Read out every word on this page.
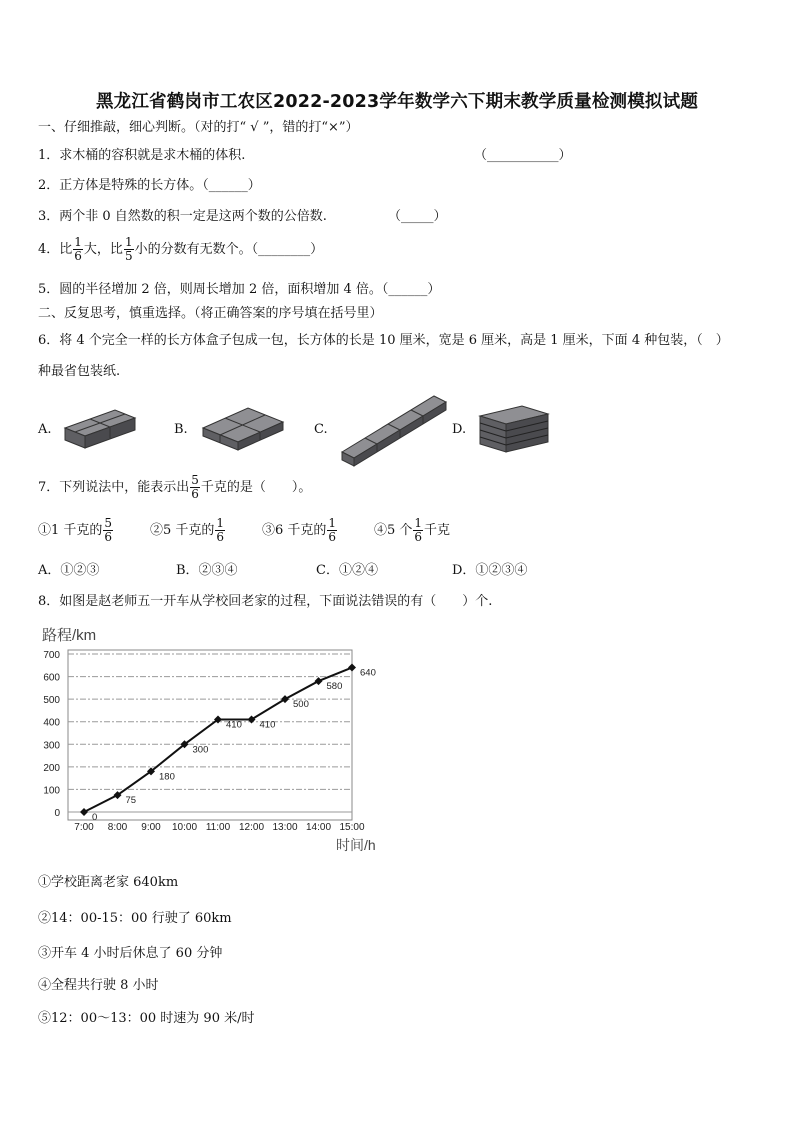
黑龙江省鹤岗市工农区2022-2023学年数学六下期末教学质量检测模拟试题
一、仔细推敲，细心判断。（对的打“ √ ”，错的打“×”）
1．求木桶的容积就是求木桶的体积.	（___________）
2．正方体是特殊的长方体。（______）
3．两个非 0 自然数的积一定是这两个数的公倍数.	（_____）
4．比 $\frac{1}{6}$ 大，比 $\frac{1}{5}$ 小的分数有无数个。（________）
5．圆的半径增加 2 倍，则周长增加 2 倍，面积增加 4 倍。（______）
二、反复思考，慎重选择。（将正确答案的序号填在括号里）
6．将 4 个完全一样的长方体盒子包成一包，长方体的长是 10 厘米，宽是 6 厘米，高是 1 厘米，下面 4 种包装，（　）
种最省包装纸.
A.	B.	C.	D.
7．下列说法中，能表示出 $\frac{5}{6}$ 千克的是（　　）。
①1 千克的 $\frac{5}{6}$	②5 千克的 $\frac{1}{6}$	③6 千克的 $\frac{1}{6}$	④5 个 $\frac{1}{6}$ 千克
A．①②③	B．②③④	C．①②④	D．①②③④
8．如图是赵老师五一开车从学校回老家的过程，下面说法错误的有（　　）个.
路程/km
0
100
200
300
400
500
600
700
7:00 8:00 9:00 10:00 11:00 12:00 13:00 14:00 15:00
0
75
180
300
410 410
500
580
640
时间/h
①学校距离老家 640km
②14：00-15：00 行驶了 60km
③开车 4 小时后休息了 60 分钟
④全程共行驶 8 小时
⑤12：00～13：00 时速为 90 米/时
